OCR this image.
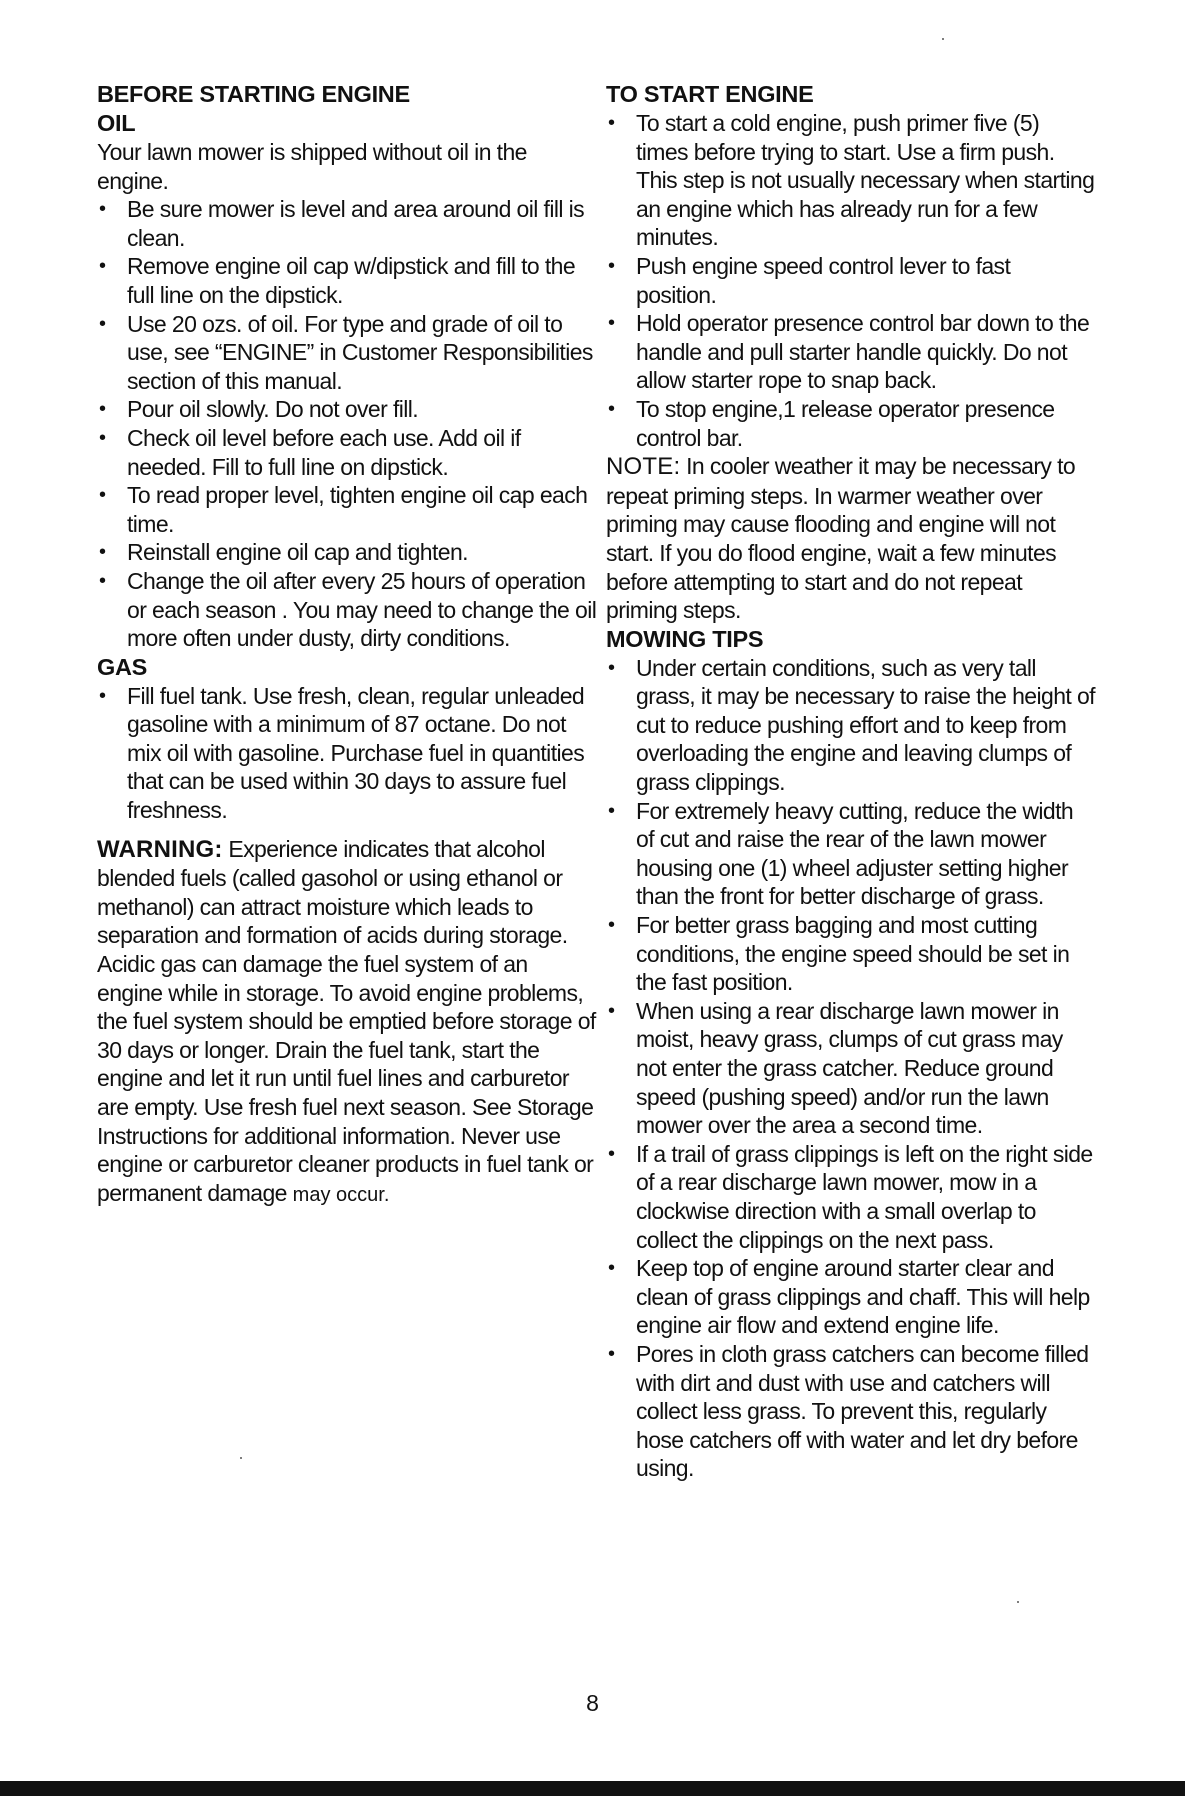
BEFORE STARTING ENGINE
OIL

Your lawn mower is shipped without oil in the engine.

• Be sure mower is level and area around oil fill is clean.
• Remove engine oil cap w/dipstick and fill to the full line on the dipstick.
• Use 20 ozs. of oil. For type and grade of oil to use, see “ENGINE” in Customer Responsibilities section of this manual.
• Pour oil slowly. Do not over fill.
• Check oil level before each use. Add oil if needed. Fill to full line on dipstick.
• To read proper level, tighten engine oil cap each time.
• Reinstall engine oil cap and tighten.
• Change the oil after every 25 hours of operation or each season . You may need to change the oil more often under dusty, dirty conditions.
GAS
• Fill fuel tank. Use fresh, clean, regular unleaded gasoline with a minimum of 87 octane. Do not mix oil with gasoline. Purchase fuel in quantities that can be used within 30 days to assure fuel freshness.

WARNING: Experience indicates that alcohol blended fuels (called gasohol or using ethanol or methanol) can attract moisture which leads to separation and formation of acids during storage. Acidic gas can damage the fuel system of an engine while in storage. To avoid engine problems, the fuel system should be emptied before storage of 30 days or longer. Drain the fuel tank, start the engine and let it run until fuel lines and carburetor are empty. Use fresh fuel next season. See Storage Instructions for additional information. Never use engine or carburetor cleaner products in fuel tank or permanent damage may occur.

TO START ENGINE
• To start a cold engine, push primer five (5) times before trying to start. Use a firm push. This step is not usually necessary when starting an engine which has already run for a few minutes.
• Push engine speed control lever to fast position.
• Hold operator presence control bar down to the handle and pull starter handle quickly. Do not allow starter rope to snap back.
• To stop engine,1 release operator presence control bar.

NOTE: In cooler weather it may be necessary to repeat priming steps. In warmer weather over priming may cause flooding and engine will not start. If you do flood engine, wait a few minutes before attempting to start and do not repeat priming steps.

MOWING TIPS
• Under certain conditions, such as very tall grass, it may be necessary to raise the height of cut to reduce pushing effort and to keep from overloading the engine and leaving clumps of grass clippings.
• For extremely heavy cutting, reduce the width of cut and raise the rear of the lawn mower housing one (1) wheel adjuster setting higher than the front for better discharge of grass.
• For better grass bagging and most cutting conditions, the engine speed should be set in the fast position.
• When using a rear discharge lawn mower in moist, heavy grass, clumps of cut grass may not enter the grass catcher. Reduce ground speed (pushing speed) and/or run the lawn mower over the area a second time.
• If a trail of grass clippings is left on the right side of a rear discharge lawn mower, mow in a clockwise direction with a small overlap to collect the clippings on the next pass.
• Keep top of engine around starter clear and clean of grass clippings and chaff. This will help engine air flow and extend engine life.
• Pores in cloth grass catchers can become filled with dirt and dust with use and catchers will collect less grass. To prevent this, regularly hose catchers off with water and let dry before using.
8
